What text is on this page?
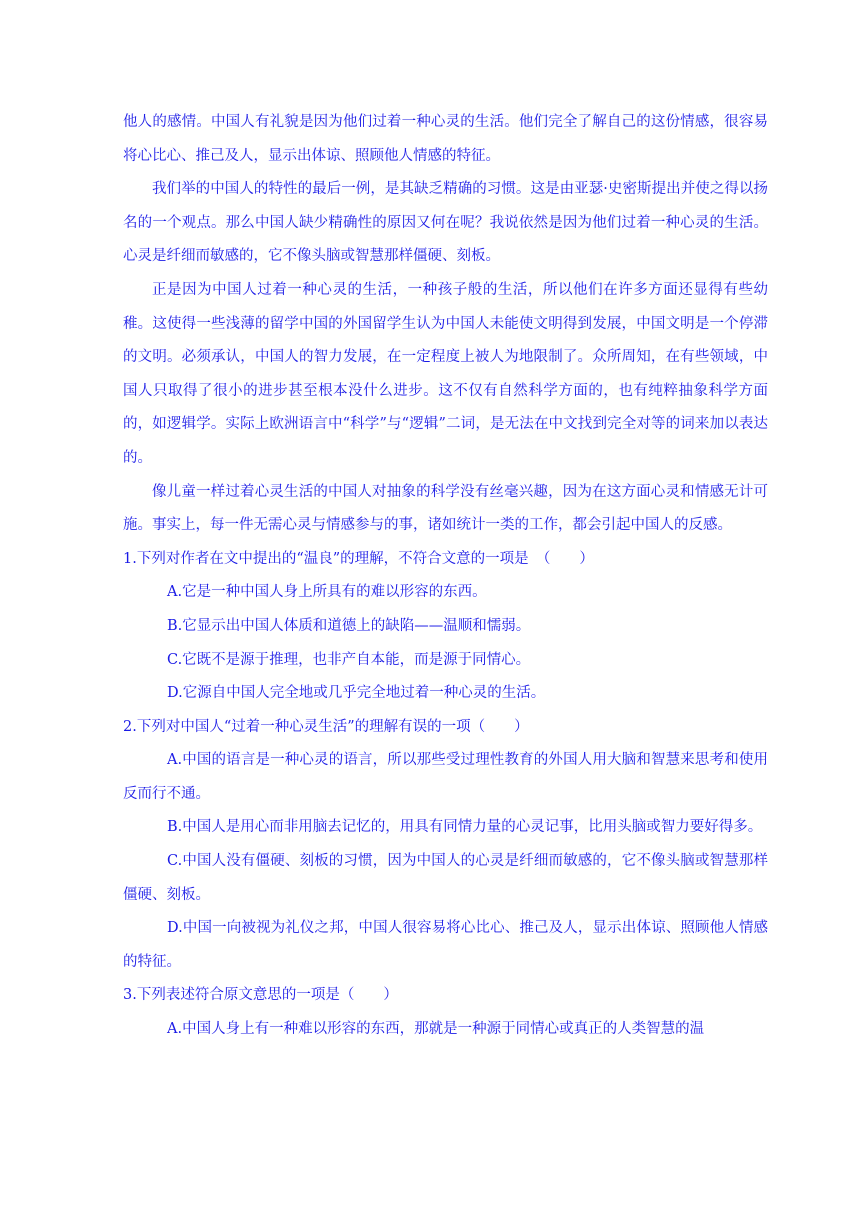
他人的感情。中国人有礼貌是因为他们过着一种心灵的生活。他们完全了解自己的这份情感，很容易将心比心、推己及人，显示出体谅、照顾他人情感的特征。

我们举的中国人的特性的最后一例，是其缺乏精确的习惯。这是由亚瑟·史密斯提出并使之得以扬名的一个观点。那么中国人缺少精确性的原因又何在呢？我说依然是因为他们过着一种心灵的生活。心灵是纤细而敏感的，它不像头脑或智慧那样僵硬、刻板。

正是因为中国人过着一种心灵的生活，一种孩子般的生活，所以他们在许多方面还显得有些幼稚。这使得一些浅薄的留学中国的外国留学生认为中国人未能使文明得到发展，中国文明是一个停滞的文明。必须承认，中国人的智力发展，在一定程度上被人为地限制了。众所周知，在有些领域，中国人只取得了很小的进步甚至根本没什么进步。这不仅有自然科学方面的，也有纯粹抽象科学方面的，如逻辑学。实际上欧洲语言中“科学”与“逻辑”二词，是无法在中文找到完全对等的词来加以表达的。

像儿童一样过着心灵生活的中国人对抽象的科学没有丝毫兴趣，因为在这方面心灵和情感无计可施。事实上，每一件无需心灵与情感参与的事，诸如统计一类的工作，都会引起中国人的反感。

1.下列对作者在文中提出的“温良”的理解，不符合文意的一项是　（　　）

A.它是一种中国人身上所具有的难以形容的东西。

B.它显示出中国人体质和道德上的缺陷——温顺和懦弱。

C.它既不是源于推理，也非产自本能，而是源于同情心。

D.它源自中国人完全地或几乎完全地过着一种心灵的生活。

2.下列对中国人“过着一种心灵生活”的理解有误的一项（　　）

A.中国的语言是一种心灵的语言，所以那些受过理性教育的外国人用大脑和智慧来思考和使用反而行不通。

B.中国人是用心而非用脑去记忆的，用具有同情力量的心灵记事，比用头脑或智力要好得多。

C.中国人没有僵硬、刻板的习惯，因为中国人的心灵是纤细而敏感的，它不像头脑或智慧那样僵硬、刻板。

D.中国一向被视为礼仪之邦，中国人很容易将心比心、推己及人，显示出体谅、照顾他人情感的特征。

3.下列表述符合原文意思的一项是（　　）

A.中国人身上有一种难以形容的东西，那就是一种源于同情心或真正的人类智慧的温
